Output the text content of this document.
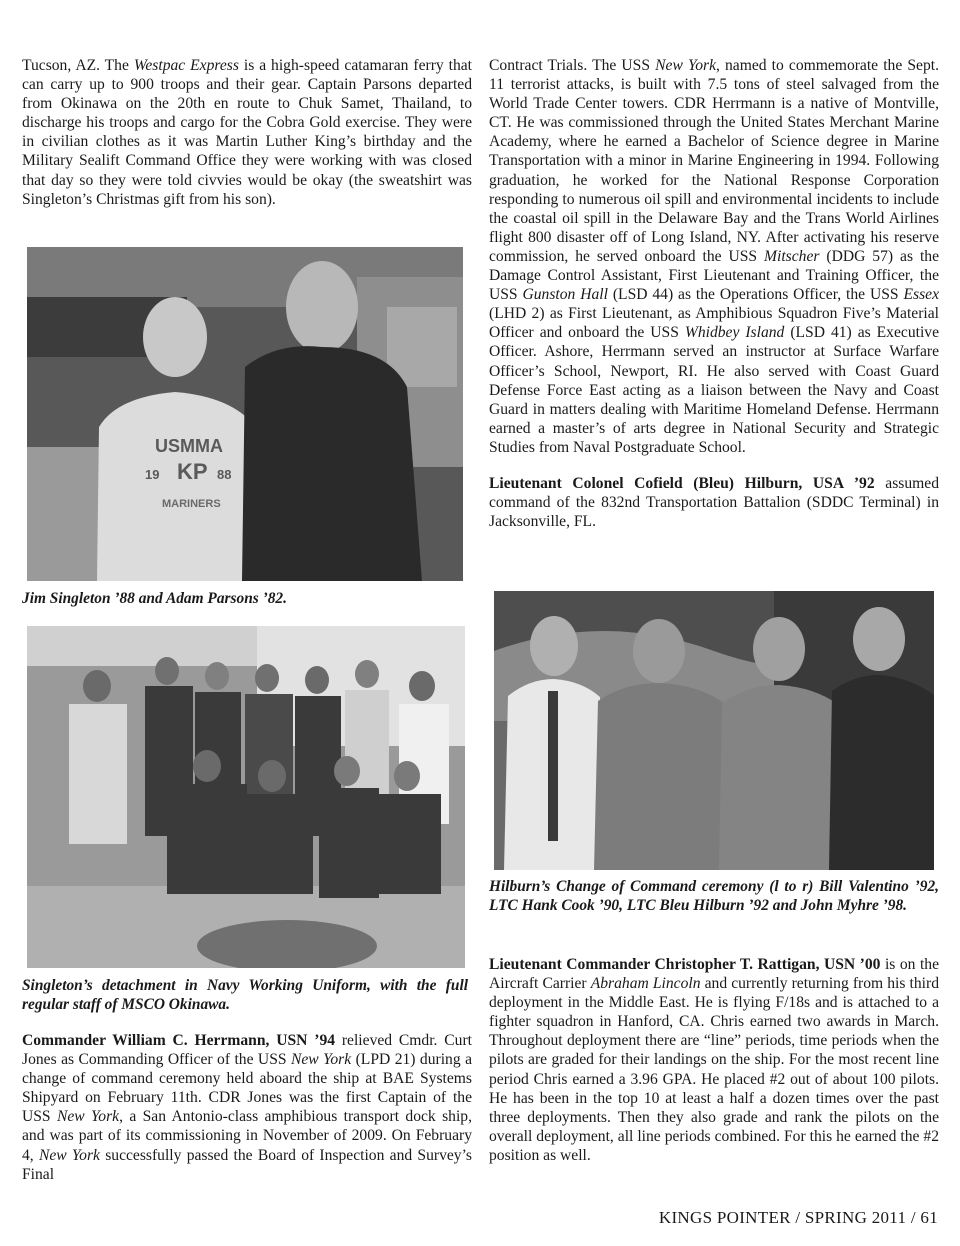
Tucson, AZ. The Westpac Express is a high-speed catamaran ferry that can carry up to 900 troops and their gear. Captain Parsons departed from Okinawa on the 20th en route to Chuk Samet, Thailand, to discharge his troops and cargo for the Cobra Gold exercise. They were in civilian clothes as it was Martin Luther King’s birthday and the Military Sealift Command Office they were working with was closed that day so they were told civvies would be okay (the sweatshirt was Singleton’s Christmas gift from his son).

USMMA
19 KP 88
MARINERS

Jim Singleton ’88 and Adam Parsons ’82.

Singleton’s detachment in Navy Working Uniform, with the full regular staff of MSCO Okinawa.

Commander William C. Herrmann, USN ’94 relieved Cmdr. Curt Jones as Commanding Officer of the USS New York (LPD 21) during a change of command ceremony held aboard the ship at BAE Systems Shipyard on February 11th. CDR Jones was the first Captain of the USS New York, a San Antonio-class amphibious transport dock ship, and was part of its commissioning in November of 2009. On February 4, New York successfully passed the Board of Inspection and Survey’s Final

Contract Trials. The USS New York, named to commemorate the Sept. 11 terrorist attacks, is built with 7.5 tons of steel salvaged from the World Trade Center towers. CDR Herrmann is a native of Montville, CT. He was commissioned through the United States Merchant Marine Academy, where he earned a Bachelor of Science degree in Marine Transportation with a minor in Marine Engineering in 1994. Following graduation, he worked for the National Response Corporation responding to numerous oil spill and environmental incidents to include the coastal oil spill in the Delaware Bay and the Trans World Airlines flight 800 disaster off of Long Island, NY. After activating his reserve commission, he served onboard the USS Mitscher (DDG 57) as the Damage Control Assistant, First Lieutenant and Training Officer, the USS Gunston Hall (LSD 44) as the Operations Officer, the USS Essex (LHD 2) as First Lieutenant, as Amphibious Squadron Five’s Material Officer and onboard the USS Whidbey Island (LSD 41) as Executive Officer. Ashore, Herrmann served an instructor at Surface Warfare Officer’s School, Newport, RI. He also served with Coast Guard Defense Force East acting as a liaison between the Navy and Coast Guard in matters dealing with Maritime Homeland Defense. Herrmann earned a master’s of arts degree in National Security and Strategic Studies from Naval Postgraduate School.

Lieutenant Colonel Cofield (Bleu) Hilburn, USA ’92 assumed command of the 832nd Transportation Battalion (SDDC Terminal) in Jacksonville, FL.

Hilburn’s Change of Command ceremony (l to r) Bill Valentino ’92, LTC Hank Cook ’90, LTC Bleu Hilburn ’92 and John Myhre ’98.

Lieutenant Commander Christopher T. Rattigan, USN ’00 is on the Aircraft Carrier Abraham Lincoln and currently returning from his third deployment in the Middle East. He is flying F/18s and is attached to a fighter squadron in Hanford, CA. Chris earned two awards in March. Throughout deployment there are “line” periods, time periods when the pilots are graded for their landings on the ship. For the most recent line period Chris earned a 3.96 GPA. He placed #2 out of about 100 pilots. He has been in the top 10 at least a half a dozen times over the past three deployments. Then they also grade and rank the pilots on the overall deployment, all line periods combined. For this he earned the #2 position as well.

KINGS POINTER / SPRING 2011 / 61
